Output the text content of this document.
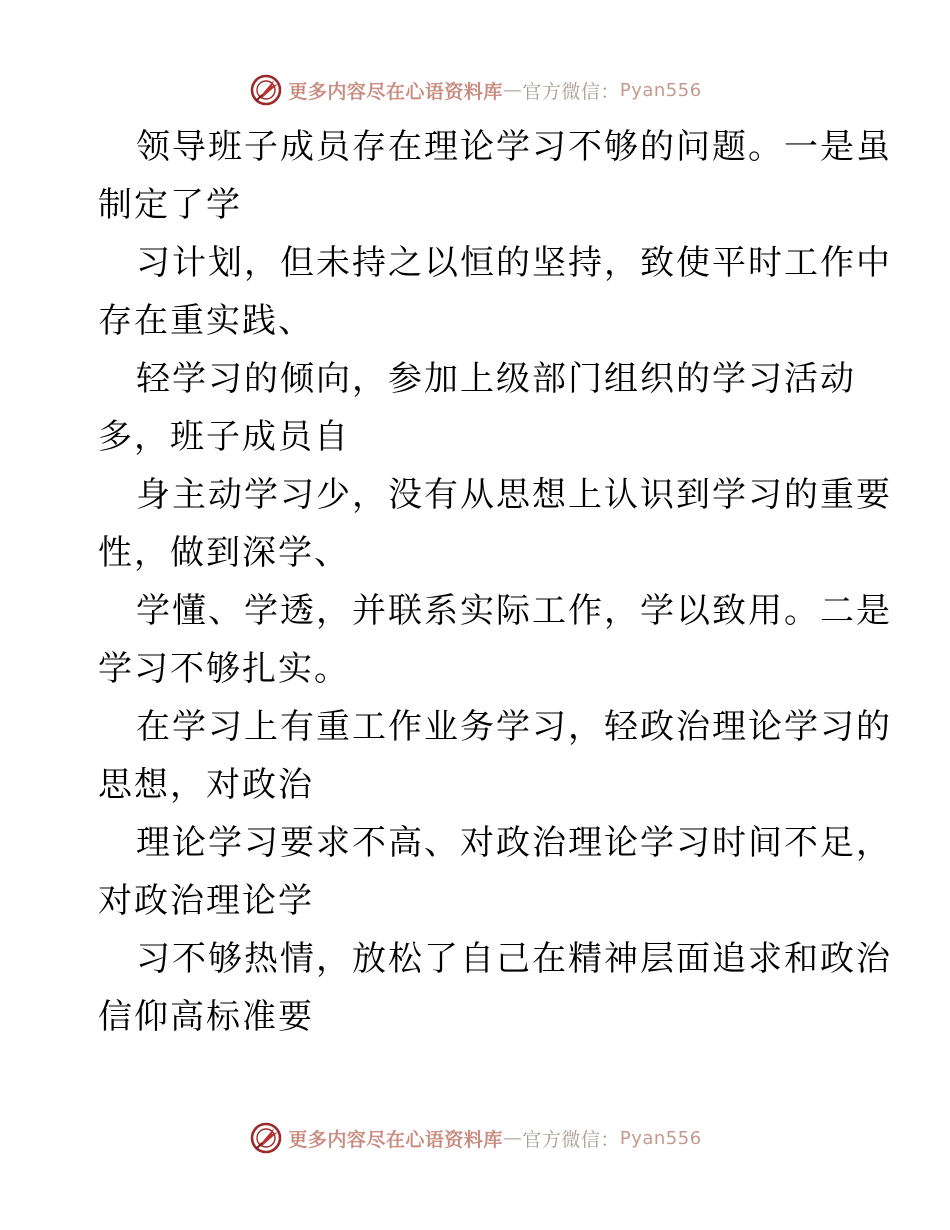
更多内容尽在心语资料库 — 官方微信： Pyan556
领导班子成员存在理论学习不够的问题。一是虽
制定了学
习计划，但未持之以恒的坚持，致使平时工作中
存在重实践、
轻学习的倾向，参加上级部门组织的学习活动
多，班子成员自
身主动学习少，没有从思想上认识到学习的重要
性，做到深学、
学懂、学透，并联系实际工作，学以致用。二是
学习不够扎实。
在学习上有重工作业务学习，轻政治理论学习的
思想，对政治
理论学习要求不高、对政治理论学习时间不足，
对政治理论学
习不够热情，放松了自己在精神层面追求和政治
信仰高标准要
更多内容尽在心语资料库 — 官方微信： Pyan556
